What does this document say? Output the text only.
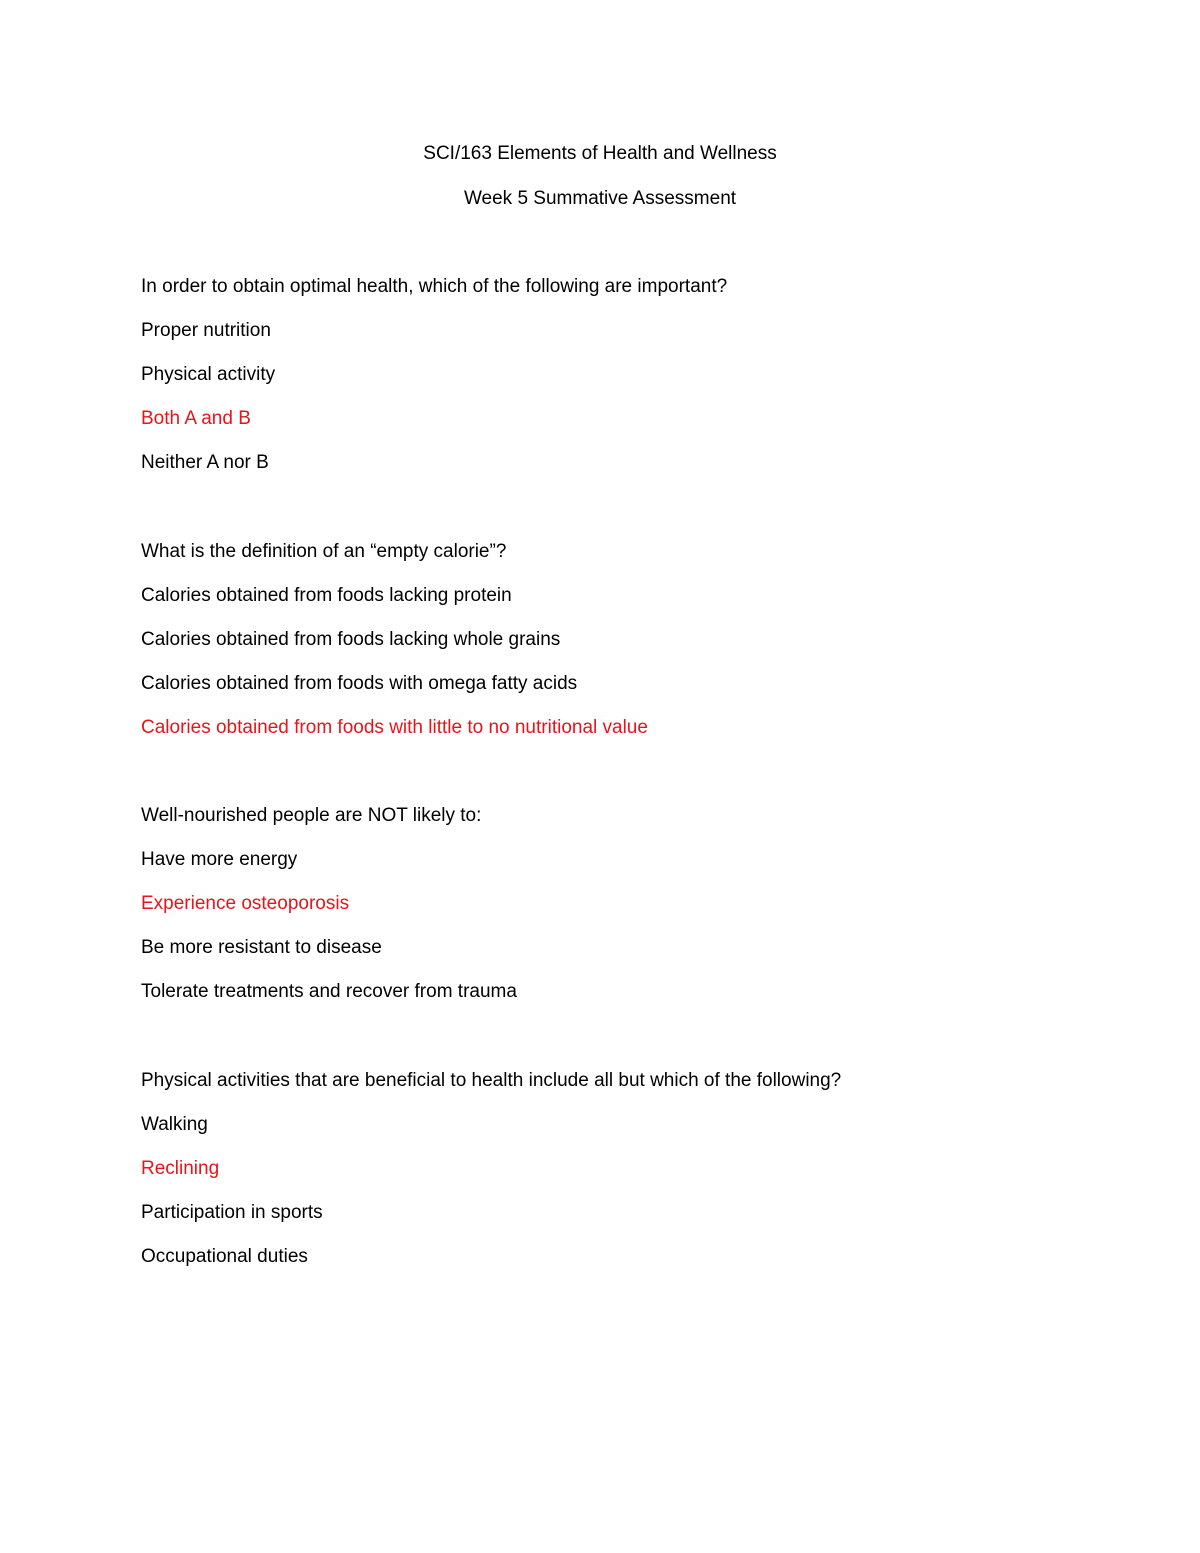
SCI/163 Elements of Health and Wellness
Week 5 Summative Assessment
In order to obtain optimal health, which of the following are important?
Proper nutrition
Physical activity
Both A and B
Neither A nor B
What is the definition of an “empty calorie”?
Calories obtained from foods lacking protein
Calories obtained from foods lacking whole grains
Calories obtained from foods with omega fatty acids
Calories obtained from foods with little to no nutritional value
Well-nourished people are NOT likely to:
Have more energy
Experience osteoporosis
Be more resistant to disease
Tolerate treatments and recover from trauma
Physical activities that are beneficial to health include all but which of the following?
Walking
Reclining
Participation in sports
Occupational duties
